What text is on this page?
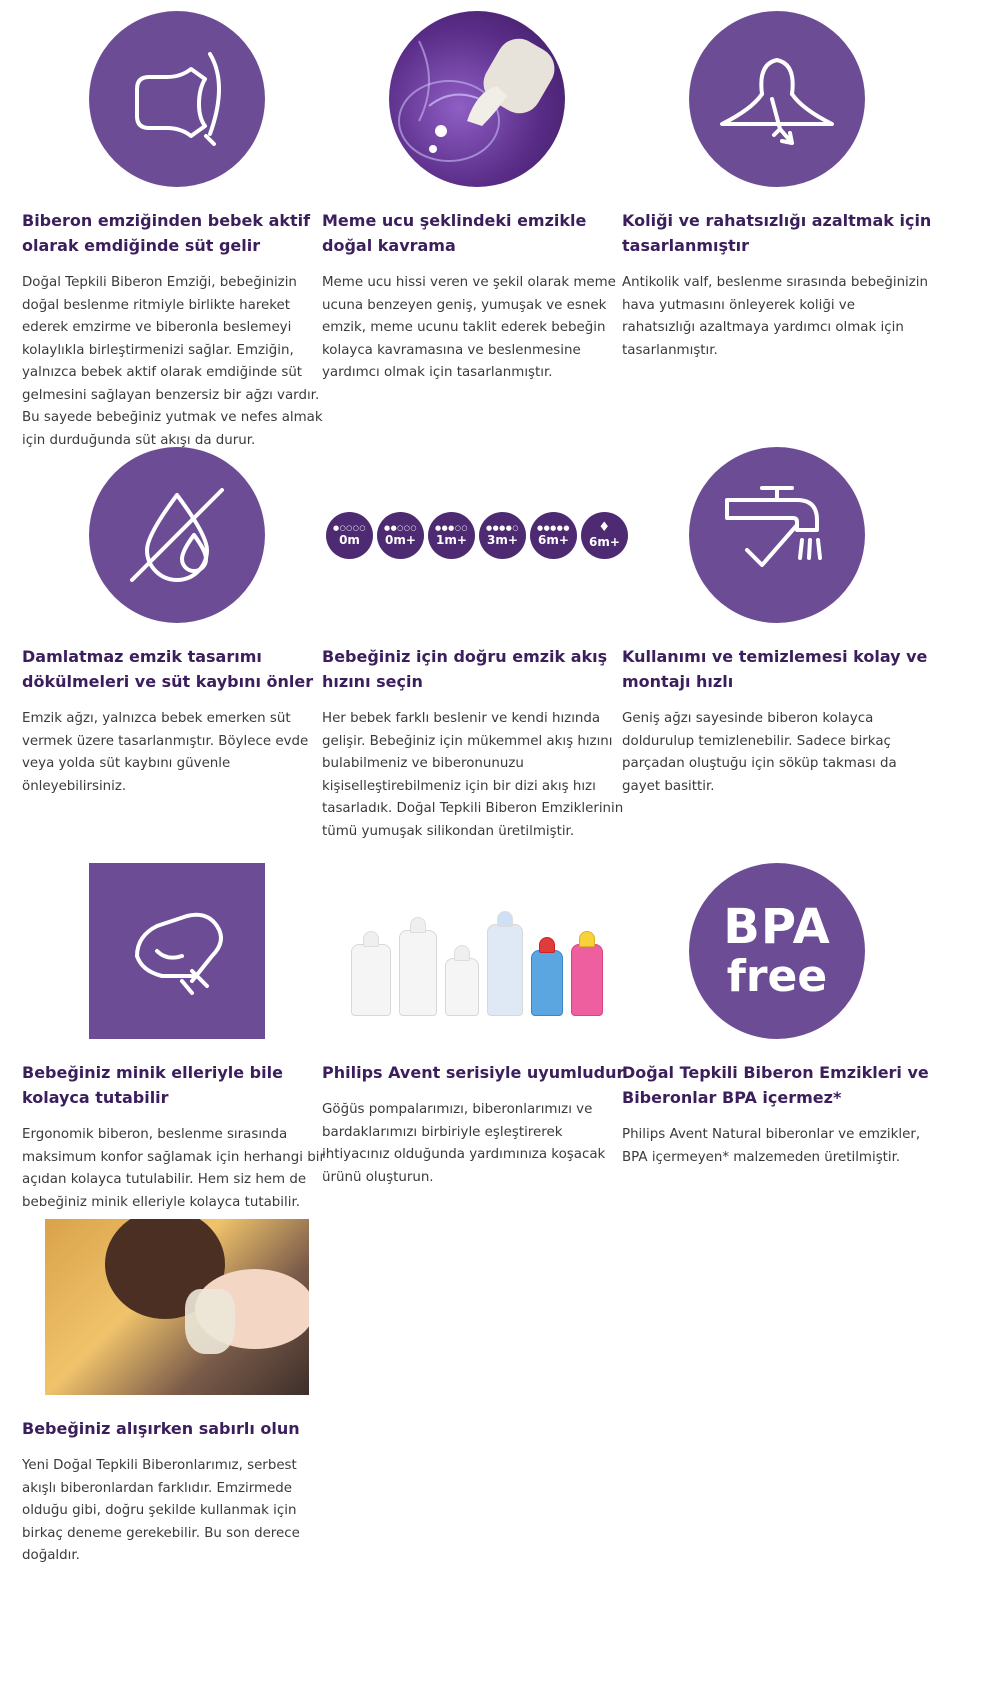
Biberon emziğinden bebek aktif olarak emdiğinde süt gelir

Doğal Tepkili Biberon Emziği, bebeğinizin doğal beslenme ritmiyle birlikte hareket ederek emzirme ve biberonla beslemeyi kolaylıkla birleştirmenizi sağlar. Emziğin, yalnızca bebek aktif olarak emdiğinde süt gelmesini sağlayan benzersiz bir ağzı vardır. Bu sayede bebeğiniz yutmak ve nefes almak için durduğunda süt akışı da durur.

Meme ucu şeklindeki emzikle doğal kavrama

Meme ucu hissi veren ve şekil olarak meme ucuna benzeyen geniş, yumuşak ve esnek emzik, meme ucunu taklit ederek bebeğin kolayca kavramasına ve beslenmesine yardımcı olmak için tasarlanmıştır.

Koliği ve rahatsızlığı azaltmak için tasarlanmıştır

Antikolik valf, beslenme sırasında bebeğinizin hava yutmasını önleyerek koliği ve rahatsızlığı azaltmaya yardımcı olmak için tasarlanmıştır.

Damlatmaz emzik tasarımı dökülmeleri ve süt kaybını önler

Emzik ağzı, yalnızca bebek emerken süt vermek üzere tasarlanmıştır. Böylece evde veya yolda süt kaybını güvenle önleyebilirsiniz.

●○○○○
0m
●●○○○
0m+
●●●○○
1m+
●●●●○
3m+
●●●●●
6m+
♦
6m+

Bebeğiniz için doğru emzik akış hızını seçin

Her bebek farklı beslenir ve kendi hızında gelişir. Bebeğiniz için mükemmel akış hızını bulabilmeniz ve biberonunuzu kişiselleştirebilmeniz için bir dizi akış hızı tasarladık. Doğal Tepkili Biberon Emziklerinin tümü yumuşak silikondan üretilmiştir.

Kullanımı ve temizlemesi kolay ve montajı hızlı

Geniş ağzı sayesinde biberon kolayca doldurulup temizlenebilir. Sadece birkaç parçadan oluştuğu için söküp takması da gayet basittir.

Bebeğiniz minik elleriyle bile kolayca tutabilir

Ergonomik biberon, beslenme sırasında maksimum konfor sağlamak için herhangi bir açıdan kolayca tutulabilir. Hem siz hem de bebeğiniz minik elleriyle kolayca tutabilir.

Philips Avent serisiyle uyumludur

Göğüs pompalarımızı, biberonlarımızı ve bardaklarımızı birbiriyle eşleştirerek ihtiyacınız olduğunda yardımınıza koşacak ürünü oluşturun.

BPA
free

Doğal Tepkili Biberon Emzikleri ve Biberonlar BPA içermez*

Philips Avent Natural biberonlar ve emzikler, BPA içermeyen* malzemeden üretilmiştir.

Bebeğiniz alışırken sabırlı olun

Yeni Doğal Tepkili Biberonlarımız, serbest akışlı biberonlardan farklıdır. Emzirmede olduğu gibi, doğru şekilde kullanmak için birkaç deneme gerekebilir. Bu son derece doğaldır.
